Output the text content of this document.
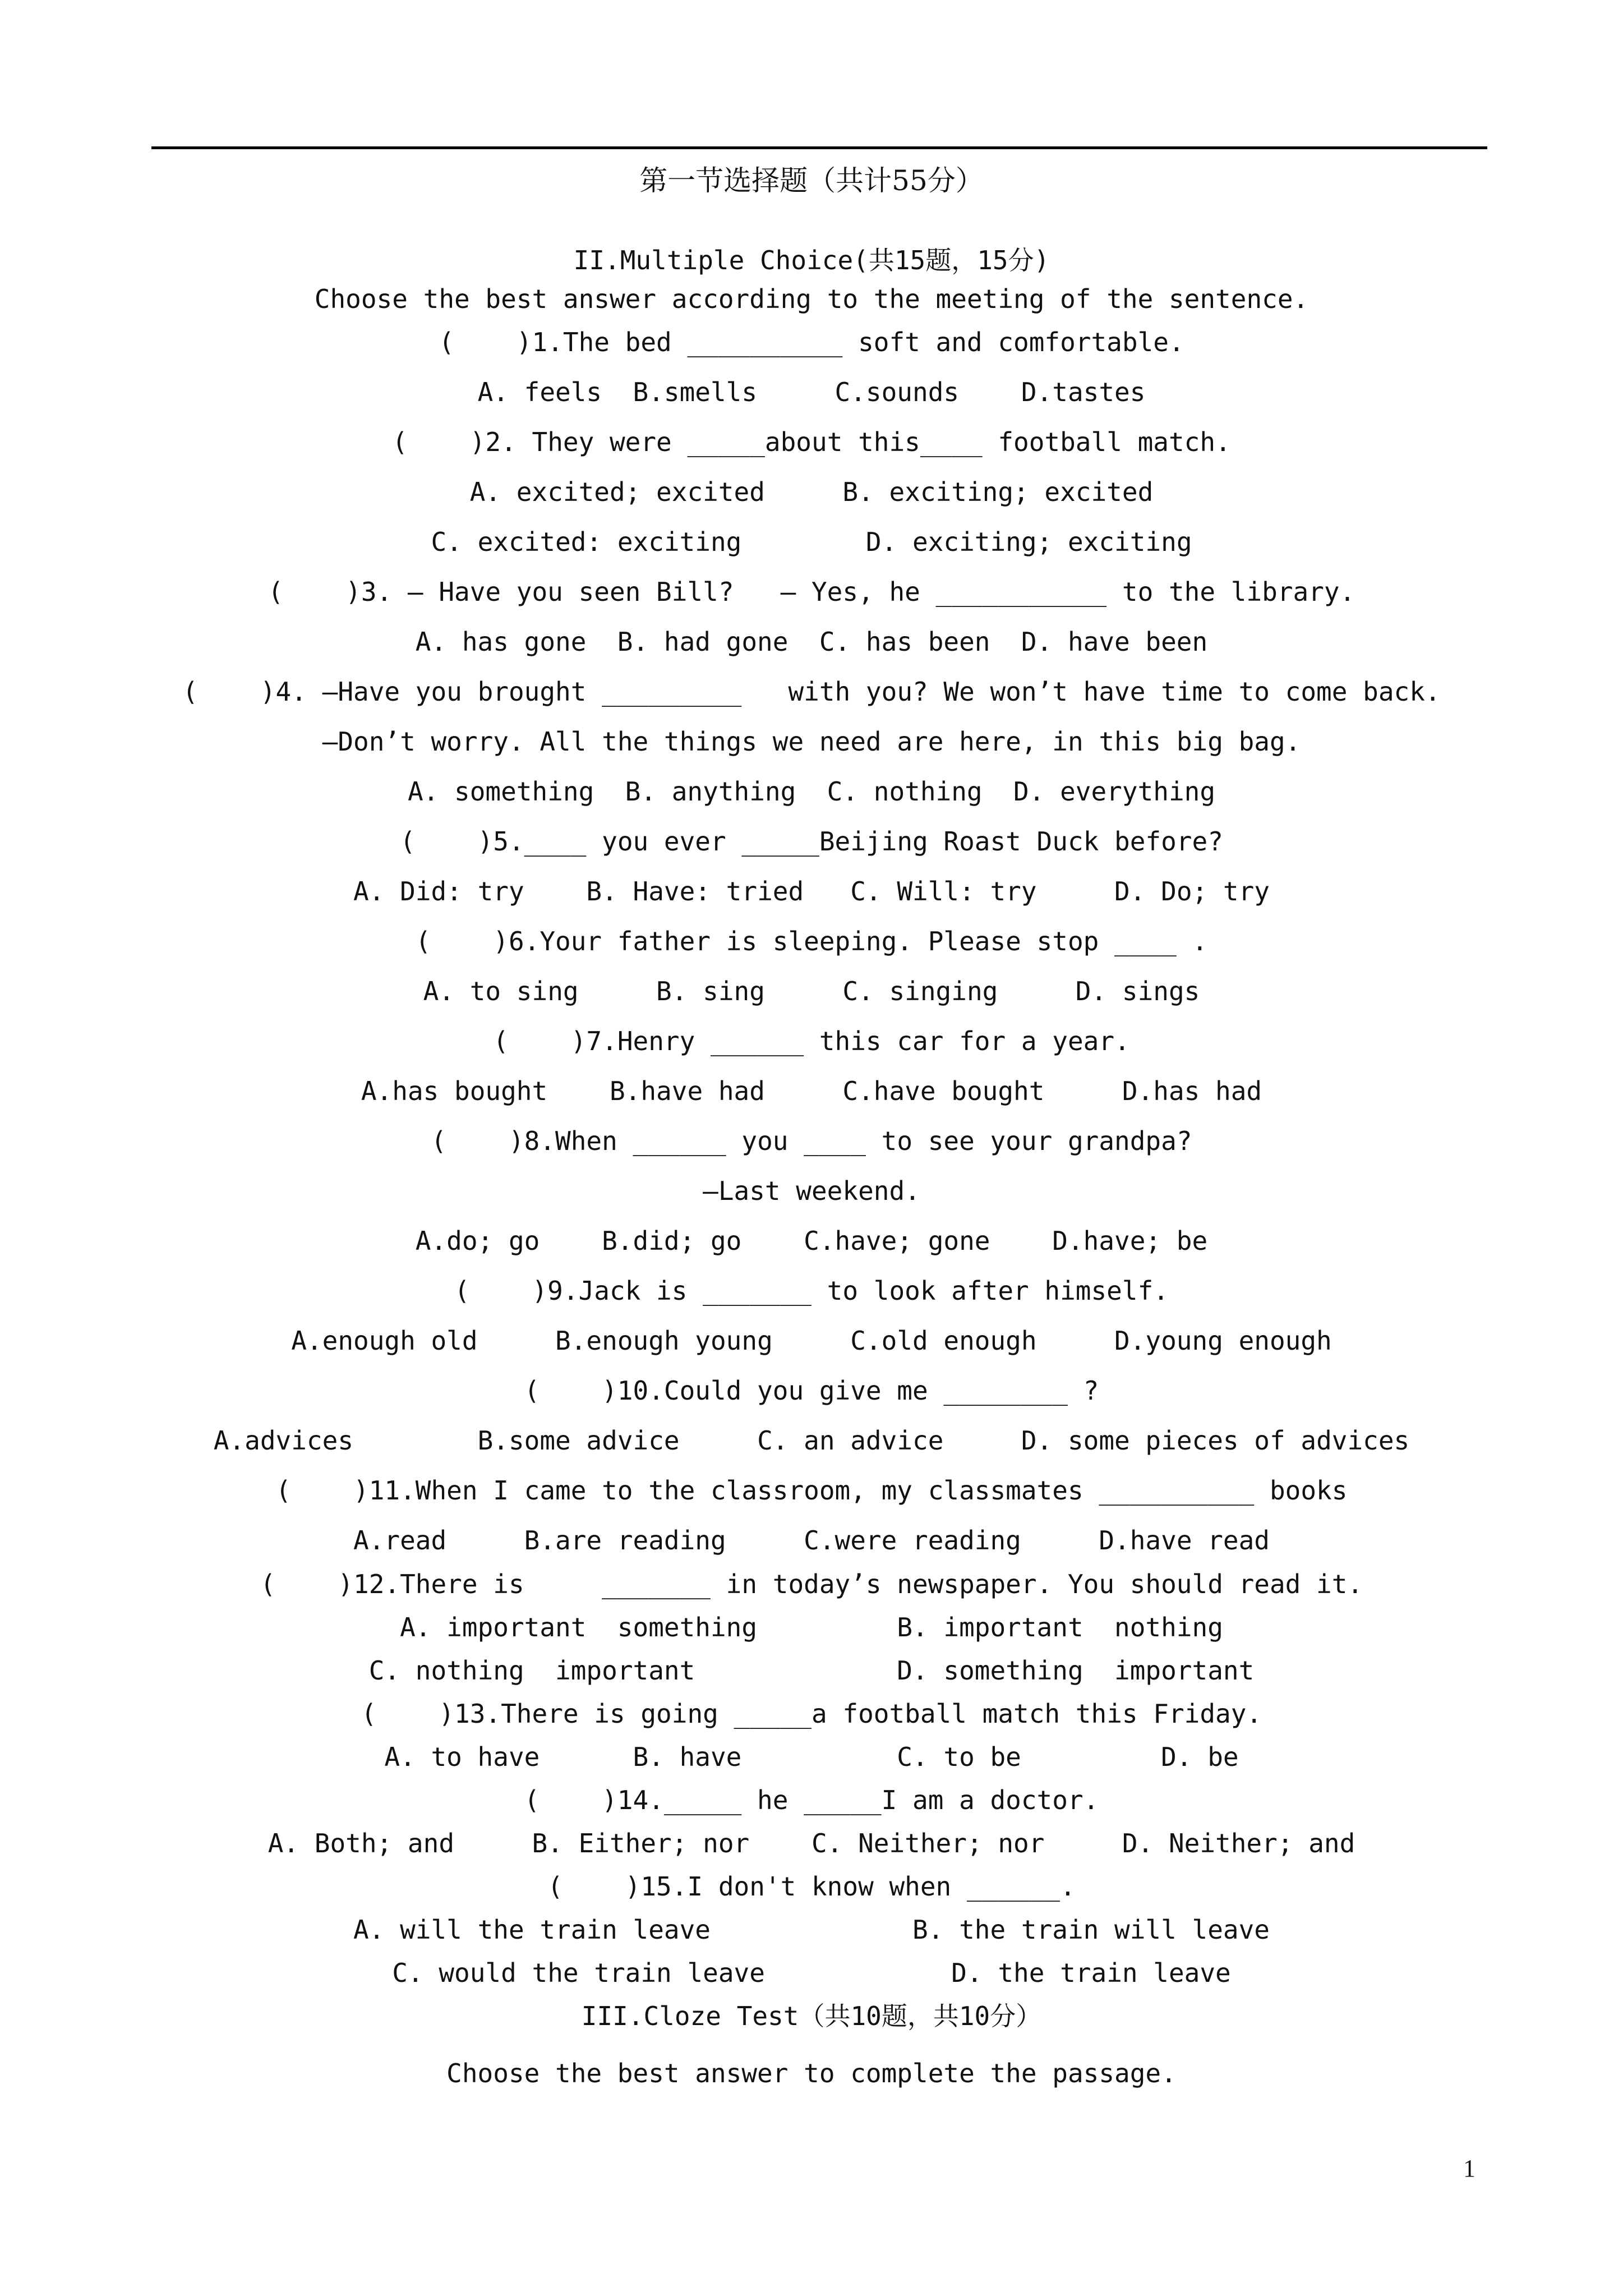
第一节选择题（共计55分）
II.Multiple Choice(共15题，15分)
Choose the best answer according to the meeting of the sentence.
(    )1.The bed __________ soft and comfortable.
A. feels  B.smells     C.sounds    D.tastes
(    )2. They were _____about this____ football match.
A. excited; excited     B. exciting; excited
C. excited: exciting        D. exciting; exciting
(    )3. — Have you seen Bill?   — Yes, he ___________ to the library.
A. has gone  B. had gone  C. has been  D. have been
(    )4. —Have you brought _________   with you? We won’t have time to come back.
—Don’t worry. All the things we need are here, in this big bag.
A. something  B. anything  C. nothing  D. everything
(    )5.____ you ever _____Beijing Roast Duck before?
A. Did: try    B. Have: tried   C. Will: try     D. Do; try
(    )6.Your father is sleeping. Please stop ____ .
A. to sing     B. sing     C. singing     D. sings
(    )7.Henry ______ this car for a year.
A.has bought    B.have had     C.have bought     D.has had
(    )8.When ______ you ____ to see your grandpa?
—Last weekend.
A.do; go    B.did; go    C.have; gone    D.have; be
(    )9.Jack is _______ to look after himself.
A.enough old     B.enough young     C.old enough     D.young enough
(    )10.Could you give me ________ ?
A.advices        B.some advice     C. an advice     D. some pieces of advices
(    )11.When I came to the classroom, my classmates __________ books
A.read     B.are reading     C.were reading     D.have read
(    )12.There is     _______ in today’s newspaper. You should read it.
A. important  something         B. important  nothing
C. nothing  important             D. something  important
(    )13.There is going _____a football match this Friday.
A. to have      B. have          C. to be         D. be
(    )14._____ he _____I am a doctor.
A. Both; and     B. Either; nor    C. Neither; nor     D. Neither; and
(    )15.I don't know when ______.
A. will the train leave             B. the train will leave
C. would the train leave            D. the train leave
III.Cloze Test（共10题，共10分）
Choose the best answer to complete the passage.
1
